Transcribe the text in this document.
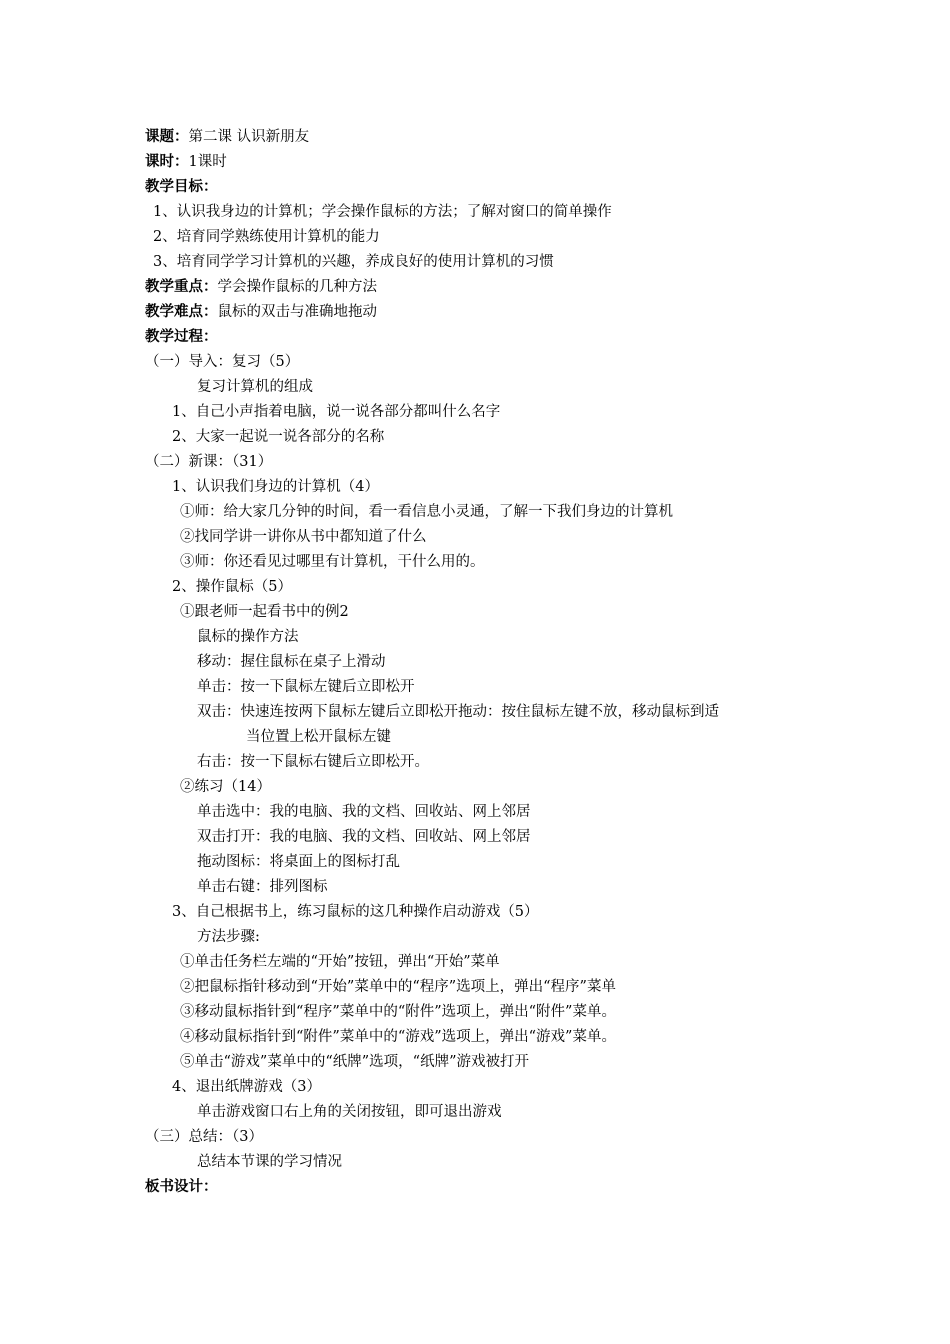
课题：第二课 认识新朋友
课时：1课时
教学目标：
1、认识我身边的计算机；学会操作鼠标的方法；了解对窗口的简单操作
2、培育同学熟练使用计算机的能力
3、培育同学学习计算机的兴趣，养成良好的使用计算机的习惯
教学重点：学会操作鼠标的几种方法
教学难点：鼠标的双击与准确地拖动
教学过程：
（一）导入：复习（5）
复习计算机的组成
1、自己小声指着电脑，说一说各部分都叫什么名字
2、大家一起说一说各部分的名称
（二）新课：（31）
1、认识我们身边的计算机（4）
①师：给大家几分钟的时间，看一看信息小灵通，了解一下我们身边的计算机
②找同学讲一讲你从书中都知道了什么
③师：你还看见过哪里有计算机，干什么用的。
2、操作鼠标（5）
①跟老师一起看书中的例2
鼠标的操作方法
移动：握住鼠标在桌子上滑动
单击：按一下鼠标左键后立即松开
双击：快速连按两下鼠标左键后立即松开拖动：按住鼠标左键不放，移动鼠标到适
当位置上松开鼠标左键
右击：按一下鼠标右键后立即松开。
②练习（14）
单击选中：我的电脑、我的文档、回收站、网上邻居
双击打开：我的电脑、我的文档、回收站、网上邻居
拖动图标：将桌面上的图标打乱
单击右键：排列图标
3、自己根据书上，练习鼠标的这几种操作启动游戏（5）
方法步骤:
①单击任务栏左端的“开始”按钮，弹出“开始”菜单
②把鼠标指针移动到“开始”菜单中的“程序”选项上，弹出“程序”菜单
③移动鼠标指针到“程序”菜单中的“附件”选项上，弹出“附件”菜单。
④移动鼠标指针到“附件”菜单中的“游戏”选项上，弹出“游戏”菜单。
⑤单击“游戏”菜单中的“纸牌”选项，“纸牌”游戏被打开
4、退出纸牌游戏（3）
单击游戏窗口右上角的关闭按钮，即可退出游戏
（三）总结：（3）
总结本节课的学习情况
板书设计：
